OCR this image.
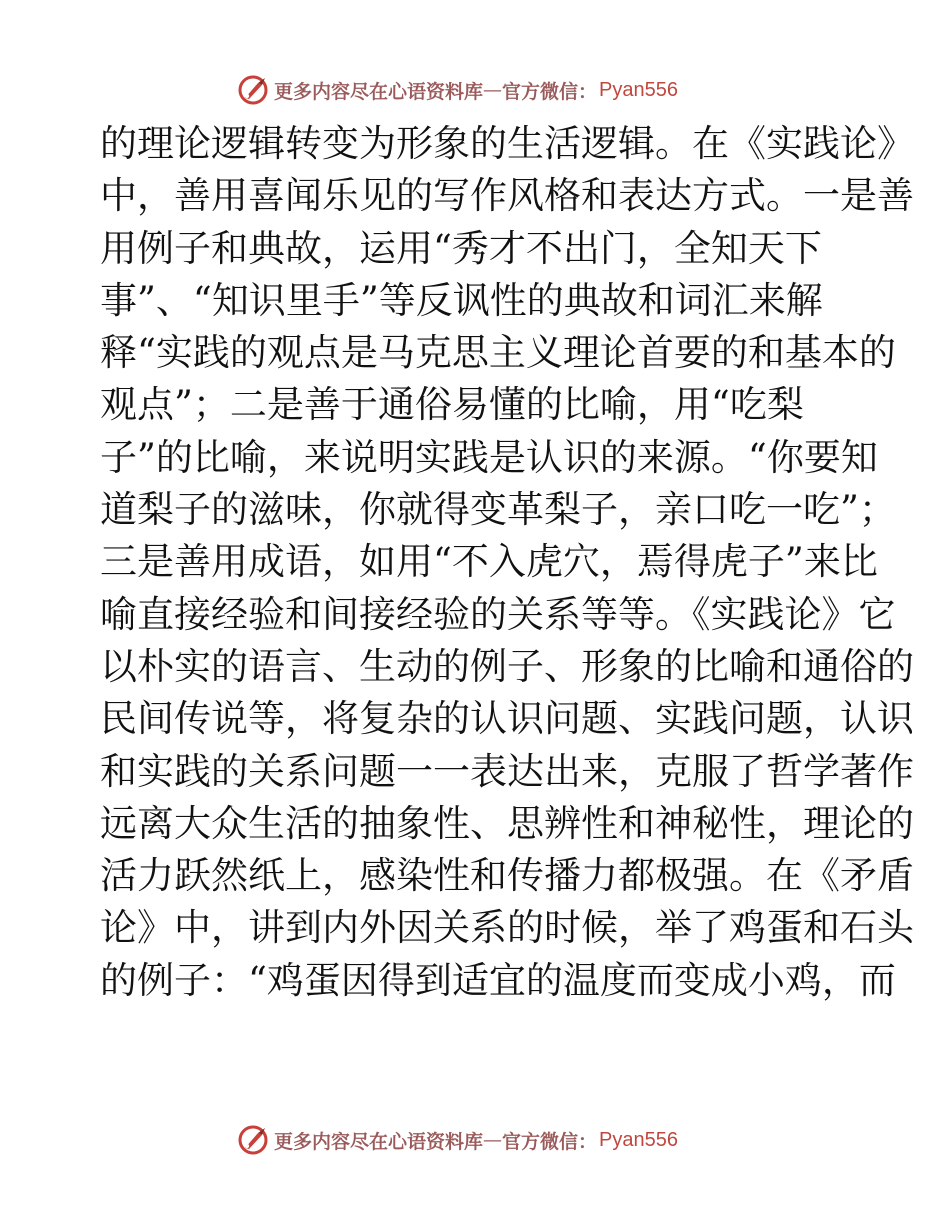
更多内容尽在心语资料库 — 官方微信： Pyan556
的理论逻辑转变为形象的生活逻辑。在《实践论》
中，善用喜闻乐见的写作风格和表达方式。一是善
用例子和典故，运用“秀才不出门，全知天下
事”、“知识里手”等反讽性的典故和词汇来解
释“实践的观点是马克思主义理论首要的和基本的
观点”；二是善于通俗易懂的比喻，用“吃梨
子”的比喻，来说明实践是认识的来源。“你要知
道梨子的滋味，你就得变革梨子，亲口吃一吃”；
三是善用成语，如用“不入虎穴，焉得虎子”来比
喻直接经验和间接经验的关系等等。《实践论》它
以朴实的语言、生动的例子、形象的比喻和通俗的
民间传说等，将复杂的认识问题、实践问题，认识
和实践的关系问题一一表达出来，克服了哲学著作
远离大众生活的抽象性、思辨性和神秘性，理论的
活力跃然纸上，感染性和传播力都极强。在《矛盾
论》中，讲到内外因关系的时候，举了鸡蛋和石头
的例子：“鸡蛋因得到适宜的温度而变成小鸡，而
更多内容尽在心语资料库 — 官方微信： Pyan556
